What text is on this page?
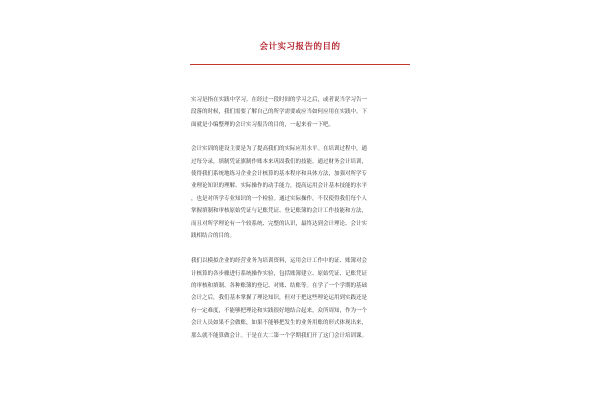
会计实习报告的目的
实习是指在实践中学习。在经过一段时间的学习之后，或者说当学习告一
段落的时候，我们需要了解自己的所学需要或应当如何应用在实践中。下
面就是小编整理的会计实习报告的目的，一起来看一下吧。
会计实训的建设主要是为了提高我们的实际应用水平。在培训过程中，通
过每分录，填制凭证旗制作账本来巩固我们的技能。通过财务会计培训，
使得我们系统地练习企业会计核算的基本程序和具体方法，加强对所学专
业理论知识的理解、实际操作的动手能力，提高运用会计基本技能的水平
，也是对所学专业知识的一个检验。通过实际操作，不仅使得我们每个人
掌握填制和审核原始凭证与记账凭证、登记账簿的会计工作技能和方法，
而且对所学理论有一个较系统、完整的认识，最终达到会计理论、会计实
践相结合的目的。
我们以模拟企业的经营业务为培训资料，运用会计工作中的证、账簿对会
计核算的各步骤进行系统操作实验，包括账簿建立、原始凭证、记账凭证
的审核和填制、各种账簿的登记、对账、结账等。在学了一个学期的基础
会计之后，我们基本掌握了理论知识，但对于把这些理论运用到实践还是
有一定难度，不能够把理论和实践很好地结合起来。众所周知，作为一个
会计人员如果不会做账，如果不能够把发生的业务用账的形式体现出来，
那么就不能算做会计。于是在大二第一个学期我们开了这门会计培训课。
